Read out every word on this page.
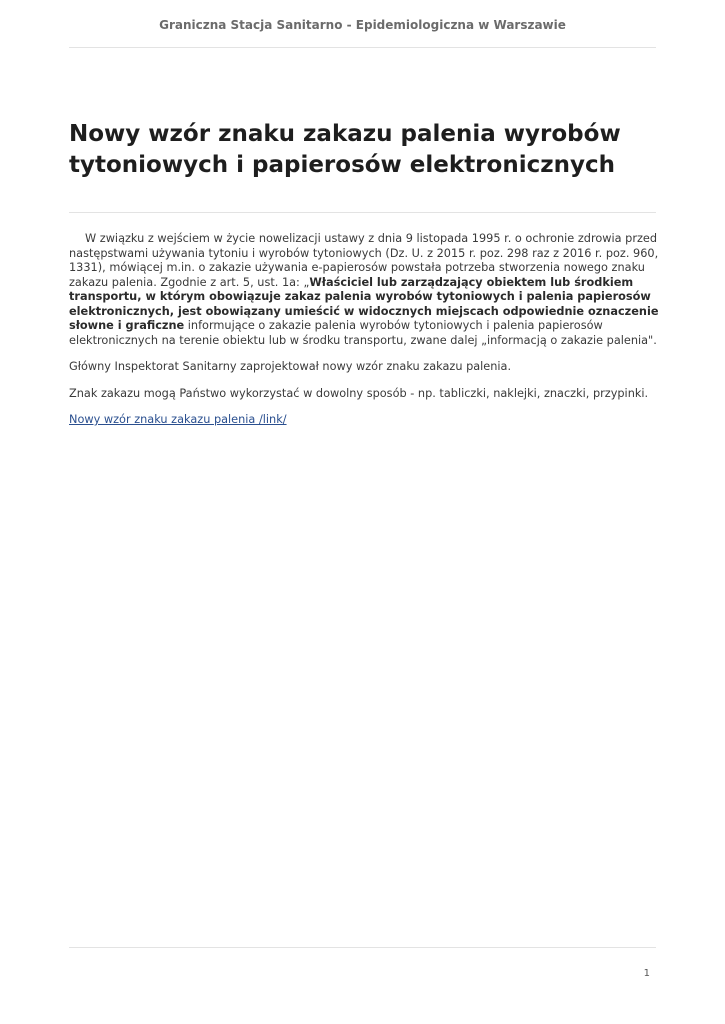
Graniczna Stacja Sanitarno - Epidemiologiczna w Warszawie
Nowy wzór znaku zakazu palenia wyrobów tytoniowych i papierosów elektronicznych

W związku z wejściem w życie nowelizacji ustawy z dnia 9 listopada 1995 r. o ochronie zdrowia przed następstwami używania tytoniu i wyrobów tytoniowych (Dz. U. z 2015 r. poz. 298 raz z 2016 r. poz. 960, 1331), mówiącej m.in. o zakazie używania e-papierosów powstała potrzeba stworzenia nowego znaku zakazu palenia. Zgodnie z art. 5, ust. 1a: „Właściciel lub zarządzający obiektem lub środkiem transportu, w którym obowiązuje zakaz palenia wyrobów tytoniowych i palenia papierosów elektronicznych, jest obowiązany umieścić w widocznych miejscach odpowiednie oznaczenie słowne i graficzne informujące o zakazie palenia wyrobów tytoniowych i palenia papierosów elektronicznych na terenie obiektu lub w środku transportu, zwane dalej „informacją o zakazie palenia".

Główny Inspektorat Sanitarny zaprojektował nowy wzór znaku zakazu palenia.

Znak zakazu mogą Państwo wykorzystać w dowolny sposób - np. tabliczki, naklejki, znaczki, przypinki.

Nowy wzór znaku zakazu palenia /link/

1
